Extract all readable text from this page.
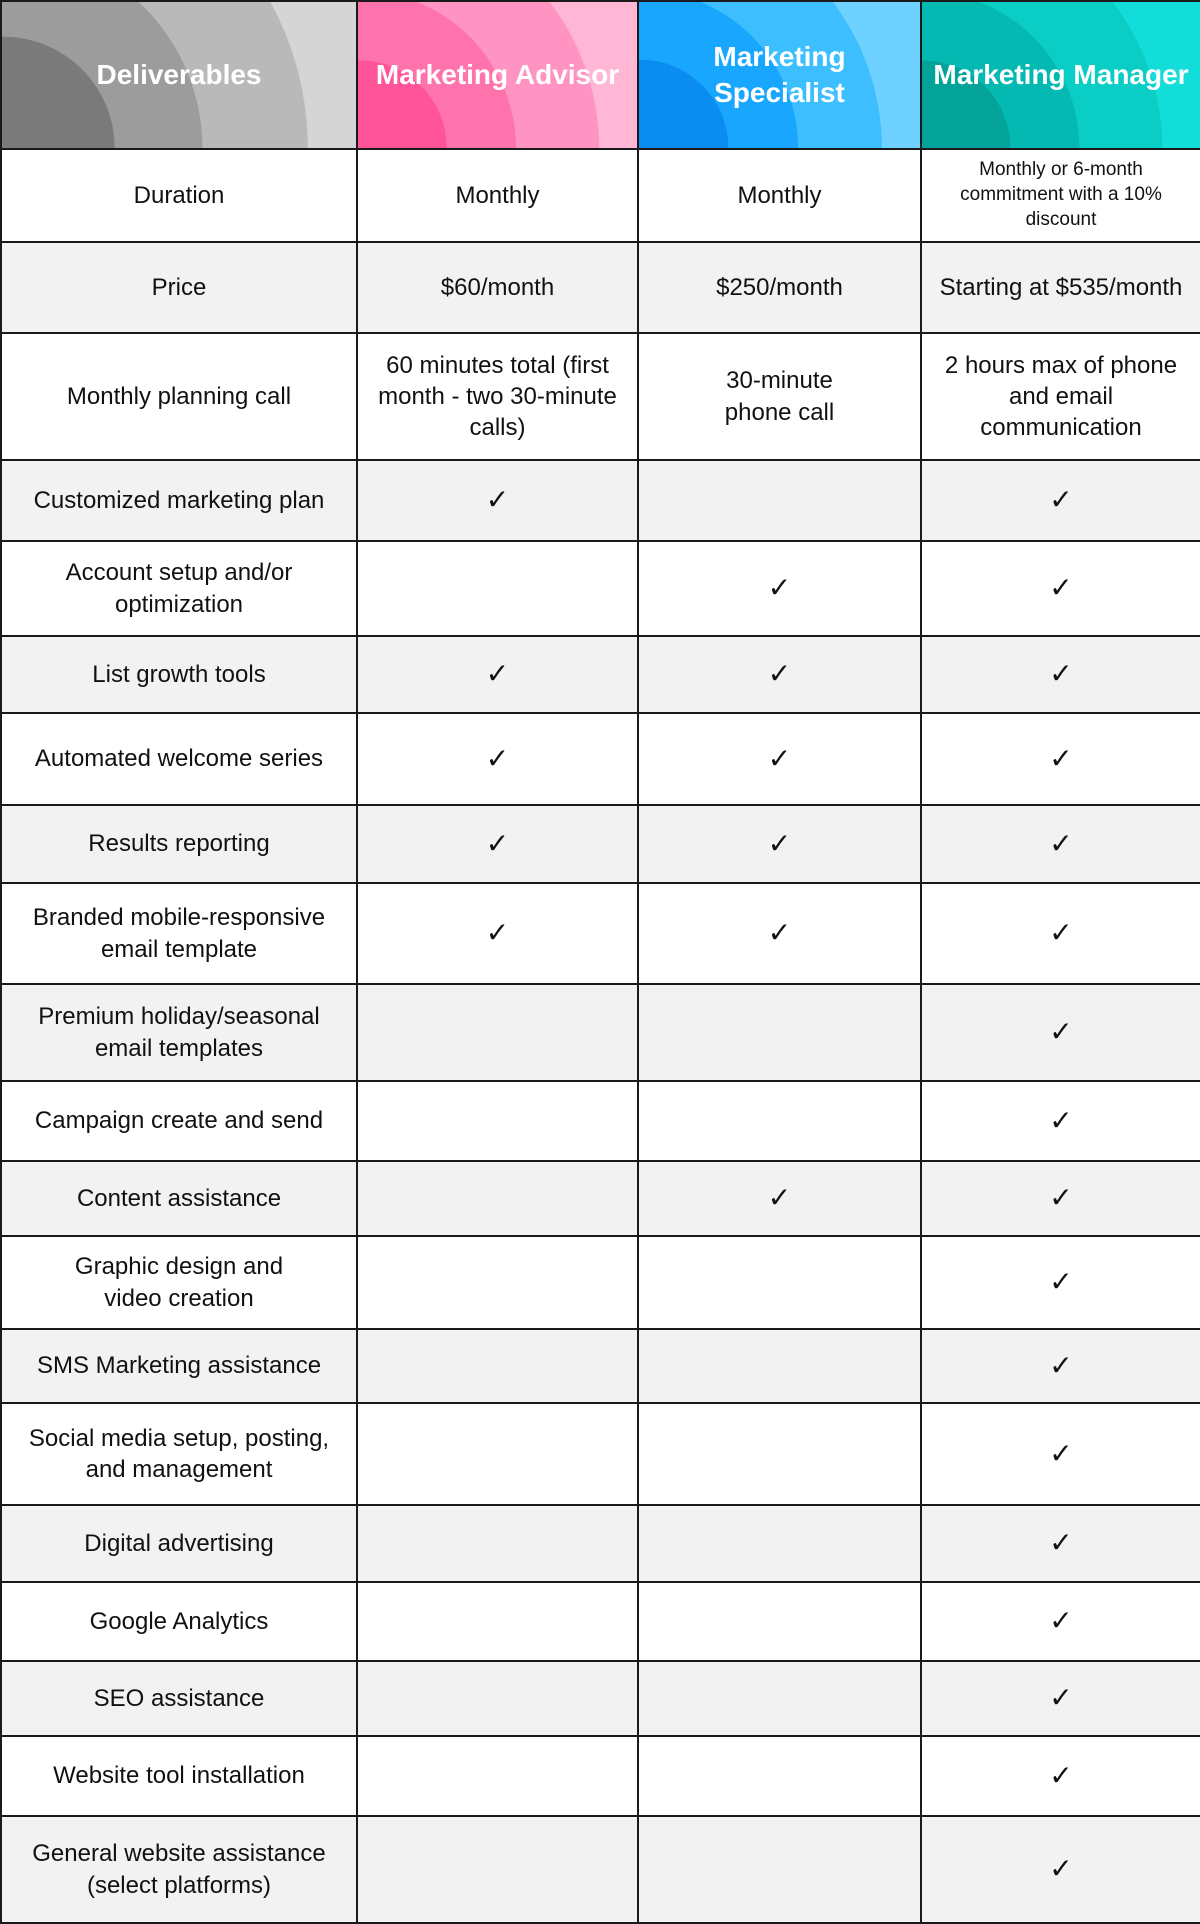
Deliverables	Marketing Advisor	Marketing Specialist	Marketing Manager

Duration	Monthly	Monthly	Monthly or 6-month commitment with a 10% discount
Price	$60/month	$250/month	Starting at $535/month
Monthly planning call	60 minutes total (first month - two 30-minute calls)	30-minute phone call	2 hours max of phone and email communication
Customized marketing plan	✓		✓
Account setup and/or optimization		✓	✓
List growth tools	✓	✓	✓
Automated welcome series	✓	✓	✓
Results reporting	✓	✓	✓
Branded mobile-responsive email template	✓	✓	✓
Premium holiday/seasonal email templates			✓
Campaign create and send			✓
Content assistance		✓	✓
Graphic design and video creation			✓
SMS Marketing assistance			✓
Social media setup, posting, and management			✓
Digital advertising			✓
Google Analytics			✓
SEO assistance			✓
Website tool installation			✓
General website assistance (select platforms)			✓
